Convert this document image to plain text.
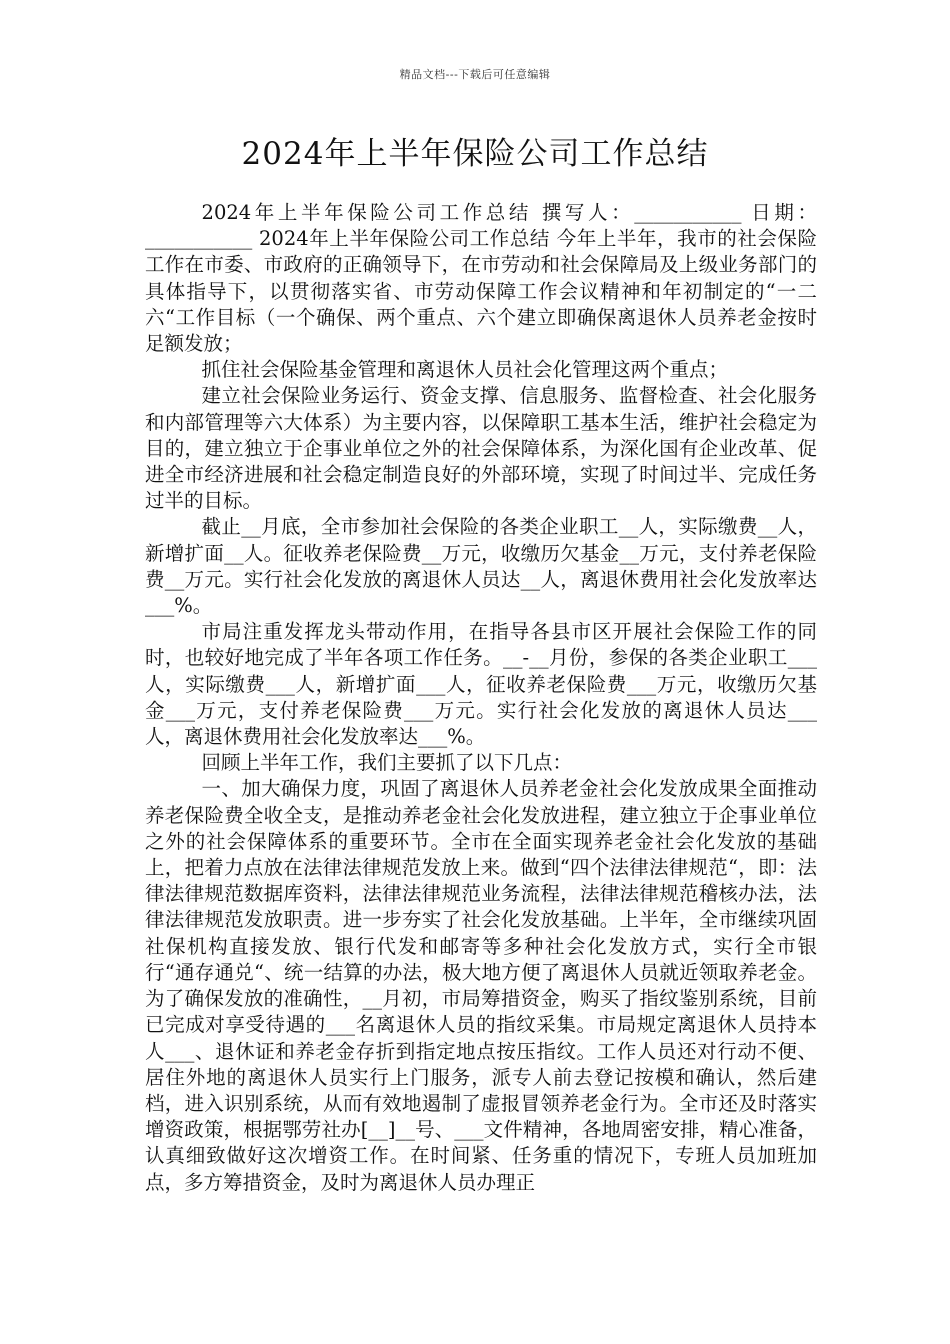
精品文档---下载后可任意编辑
2024年上半年保险公司工作总结

2024年上半年保险公司工作总结 撰写人：___________ 日期：___________ 2024年上半年保险公司工作总结 今年上半年，我市的社会保险工作在市委、市政府的正确领导下，在市劳动和社会保障局及上级业务部门的具体指导下，以贯彻落实省、市劳动保障工作会议精神和年初制定的“一二六“工作目标（一个确保、两个重点、六个建立即确保离退休人员养老金按时足额发放；

抓住社会保险基金管理和离退休人员社会化管理这两个重点；

建立社会保险业务运行、资金支撑、信息服务、监督检查、社会化服务和内部管理等六大体系）为主要内容，以保障职工基本生活，维护社会稳定为目的，建立独立于企事业单位之外的社会保障体系，为深化国有企业改革、促进全市经济进展和社会稳定制造良好的外部环境，实现了时间过半、完成任务过半的目标。

截止__月底，全市参加社会保险的各类企业职工__人，实际缴费__人，新增扩面__人。征收养老保险费__万元，收缴历欠基金__万元，支付养老保险费__万元。实行社会化发放的离退休人员达__人，离退休费用社会化发放率达___%。

市局注重发挥龙头带动作用，在指导各县市区开展社会保险工作的同时，也较好地完成了半年各项工作任务。__-__月份，参保的各类企业职工___人，实际缴费___人，新增扩面___人，征收养老保险费___万元，收缴历欠基金___万元，支付养老保险费___万元。实行社会化发放的离退休人员达___人，离退休费用社会化发放率达___%。

回顾上半年工作，我们主要抓了以下几点：

一、加大确保力度，巩固了离退休人员养老金社会化发放成果全面推动养老保险费全收全支，是推动养老金社会化发放进程，建立独立于企事业单位之外的社会保障体系的重要环节。全市在全面实现养老金社会化发放的基础上，把着力点放在法律法律规范发放上来。做到“四个法律法律规范“，即：法律法律规范数据库资料，法律法律规范业务流程，法律法律规范稽核办法，法律法律规范发放职责。进一步夯实了社会化发放基础。上半年，全市继续巩固社保机构直接发放、银行代发和邮寄等多种社会化发放方式，实行全市银行“通存通兑“、统一结算的办法，极大地方便了离退休人员就近领取养老金。为了确保发放的准确性，__月初，市局筹措资金，购买了指纹鉴别系统，目前已完成对享受待遇的___名离退休人员的指纹采集。市局规定离退休人员持本人___、退休证和养老金存折到指定地点按压指纹。工作人员还对行动不便、居住外地的离退休人员实行上门服务，派专人前去登记按模和确认，然后建档，进入识别系统，从而有效地遏制了虚报冒领养老金行为。全市还及时落实增资政策，根据鄂劳社办[__]__号、___文件精神，各地周密安排，精心准备，认真细致做好这次增资工作。在时间紧、任务重的情况下，专班人员加班加点，多方筹措资金，及时为离退休人员办理正
